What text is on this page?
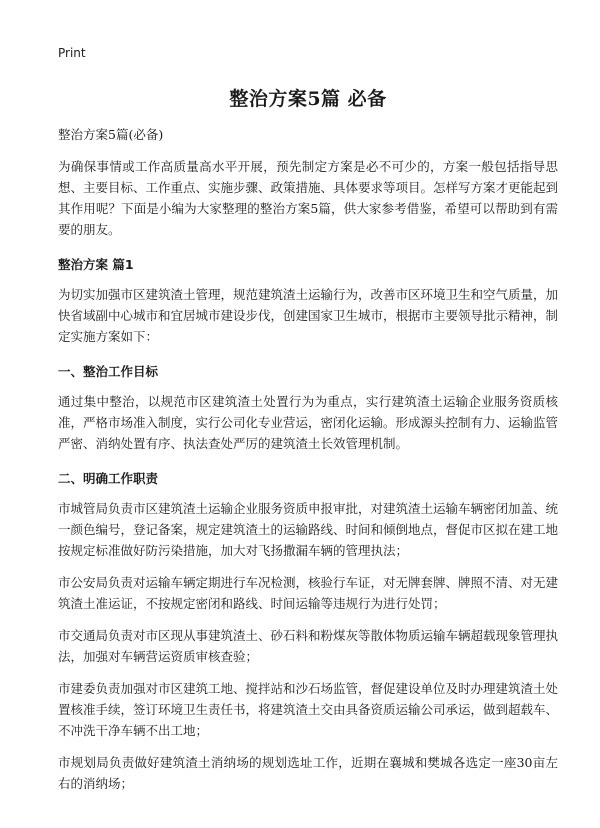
Print
整治方案5篇 必备
整治方案5篇(必备)

为确保事情或工作高质量高水平开展，预先制定方案是必不可少的，方案一般包括指导思想、主要目标、工作重点、实施步骤、政策措施、具体要求等项目。怎样写方案才更能起到其作用呢？下面是小编为大家整理的整治方案5篇，供大家参考借鉴，希望可以帮助到有需要的朋友。

整治方案 篇1

为切实加强市区建筑渣土管理，规范建筑渣土运输行为，改善市区环境卫生和空气质量，加快省域副中心城市和宜居城市建设步伐，创建国家卫生城市，根据市主要领导批示精神，制定实施方案如下：

一、整治工作目标

通过集中整治，以规范市区建筑渣土处置行为为重点，实行建筑渣土运输企业服务资质核准，严格市场准入制度，实行公司化专业营运，密闭化运输。形成源头控制有力、运输监管严密、消纳处置有序、执法查处严厉的建筑渣土长效管理机制。

二、明确工作职责

市城管局负责市区建筑渣土运输企业服务资质申报审批，对建筑渣土运输车辆密闭加盖、统一颜色编号，登记备案，规定建筑渣土的运输路线、时间和倾倒地点，督促市区拟在建工地按规定标准做好防污染措施，加大对飞扬撒漏车辆的管理执法；

市公安局负责对运输车辆定期进行车况检测，核验行车证，对无牌套牌、牌照不清、对无建筑渣土准运证，不按规定密闭和路线、时间运输等违规行为进行处罚；

市交通局负责对市区现从事建筑渣土、砂石料和粉煤灰等散体物质运输车辆超载现象管理执法，加强对车辆营运资质审核查验；

市建委负责加强对市区建筑工地、搅拌站和沙石场监管，督促建设单位及时办理建筑渣土处置核准手续，签订环境卫生责任书，将建筑渣土交由具备资质运输公司承运，做到超载车、不冲洗干净车辆不出工地；

市规划局负责做好建筑渣土消纳场的规划选址工作，近期在襄城和樊城各选定一座30亩左右的消纳场；
